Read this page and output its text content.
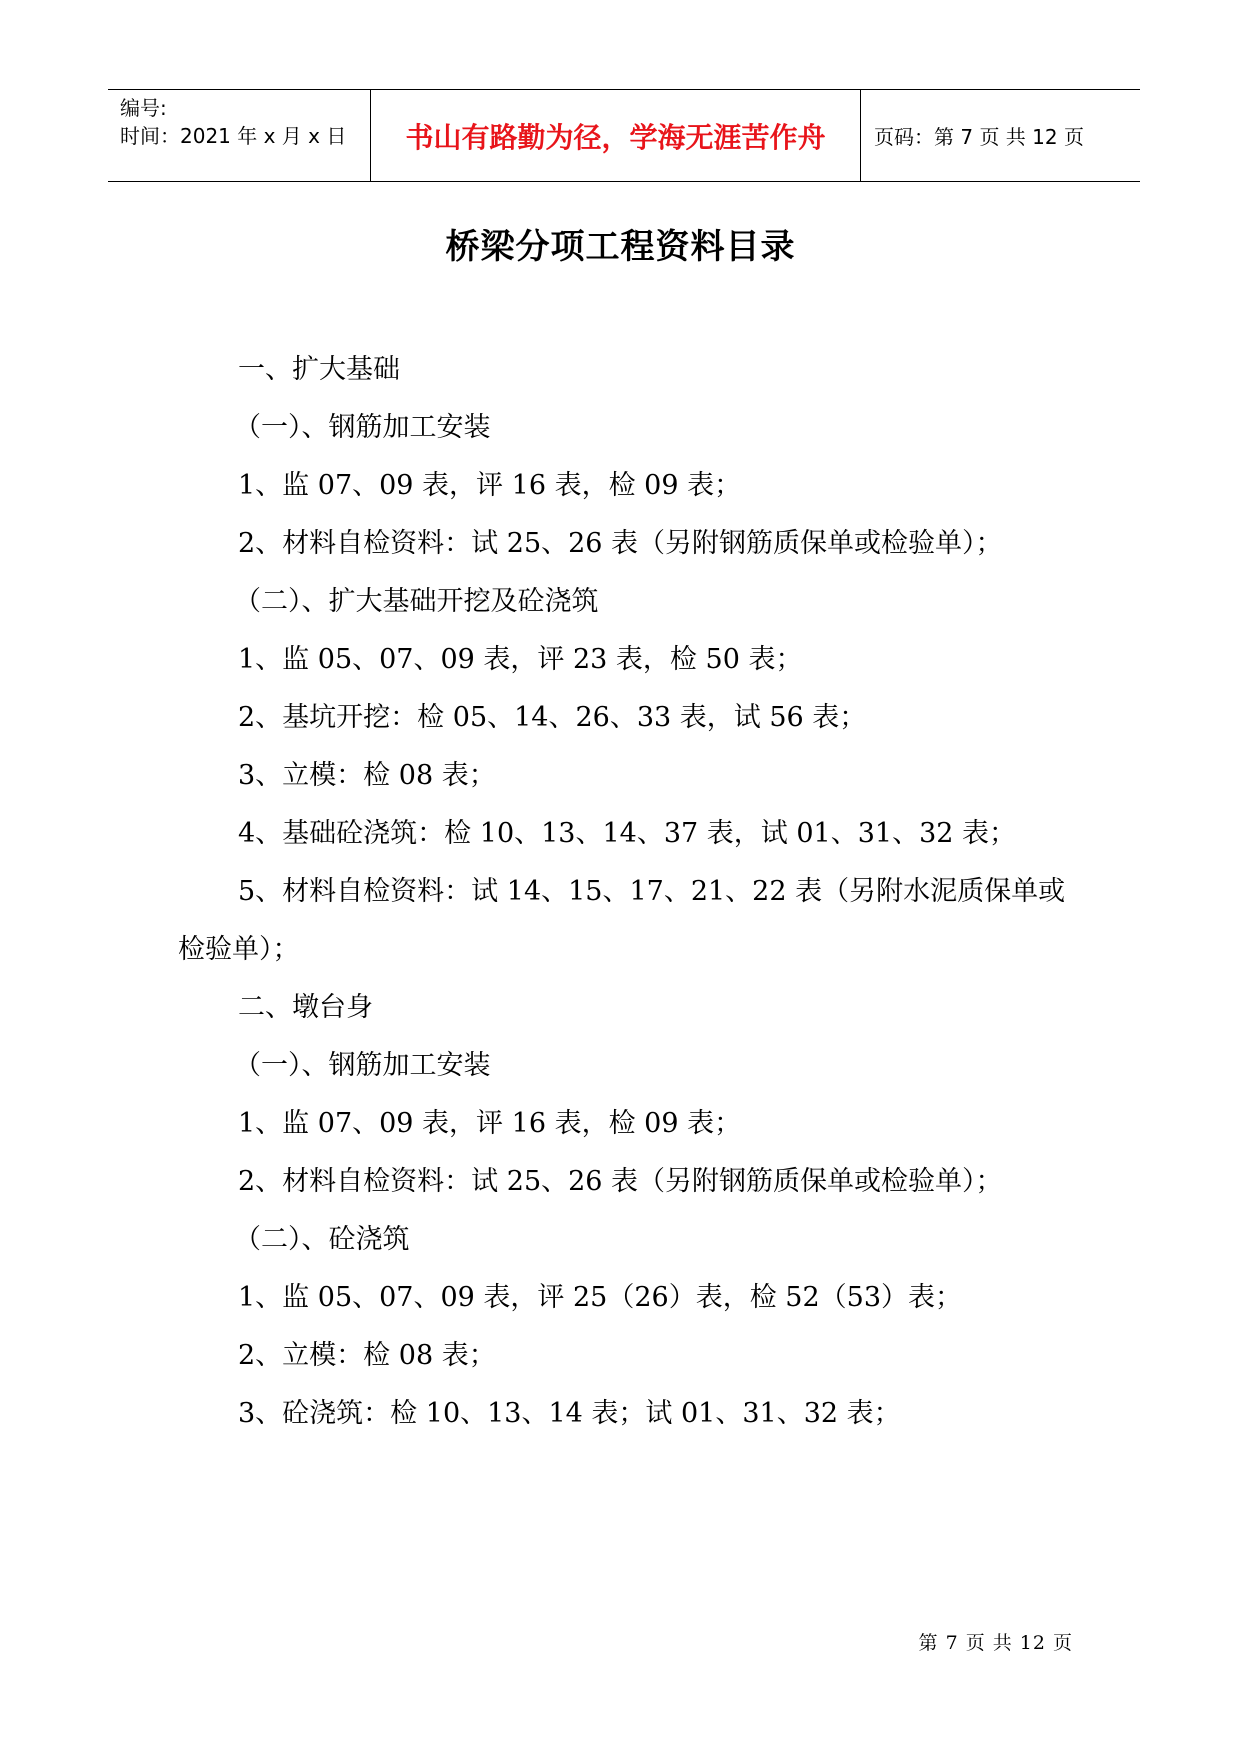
编号:
时间：2021 年 x 月 x 日	书山有路勤为径，学海无涯苦作舟	页码：第 7 页 共 12 页
桥梁分项工程资料目录
一、扩大基础
（一）、钢筋加工安装
1、监 07、09 表，评 16 表，检 09 表；
2、材料自检资料：试 25、26 表（另附钢筋质保单或检验单）；
（二）、扩大基础开挖及砼浇筑
1、监 05、07、09 表，评 23 表，检 50 表；
2、基坑开挖：检 05、14、26、33 表，试 56 表；
3、立模：检 08 表；
4、基础砼浇筑：检 10、13、14、37 表，试 01、31、32 表；
5、材料自检资料：试 14、15、17、21、22 表（另附水泥质保单或
检验单）；
二、墩台身
（一）、钢筋加工安装
1、监 07、09 表，评 16 表，检 09 表；
2、材料自检资料：试 25、26 表（另附钢筋质保单或检验单）；
（二）、砼浇筑
1、监 05、07、09 表，评 25（26）表，检 52（53）表；
2、立模：检 08 表；
3、砼浇筑：检 10、13、14 表；试 01、31、32 表；
第 7 页 共 12 页
